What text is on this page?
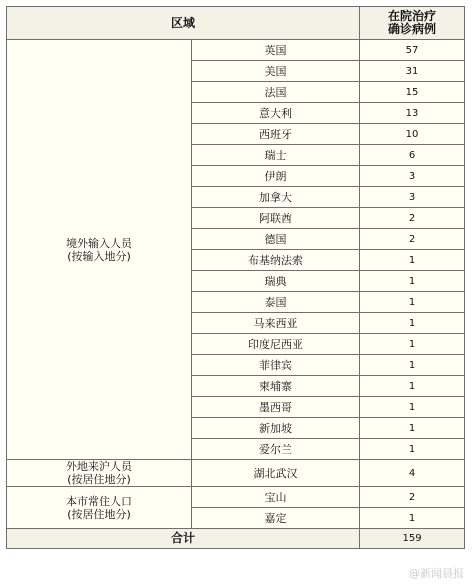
区域		在院治疗
确诊病例

境外输入人员
(按输入地分)	英国	57
	美国	31
	法国	15
	意大利	13
	西班牙	10
	瑞士	6
	伊朗	3
	加拿大	3
	阿联酋	2
	德国	2
	布基纳法索	1
	瑞典	1
	泰国	1
	马来西亚	1
	印度尼西亚	1
	菲律宾	1
	柬埔寨	1
	墨西哥	1
	新加坡	1
	爱尔兰	1

外地来沪人员
(按居住地分)	湖北武汉	4

本市常住人口
(按居住地分)	宝山	2
	嘉定	1
合计		159
@新闻晨报
